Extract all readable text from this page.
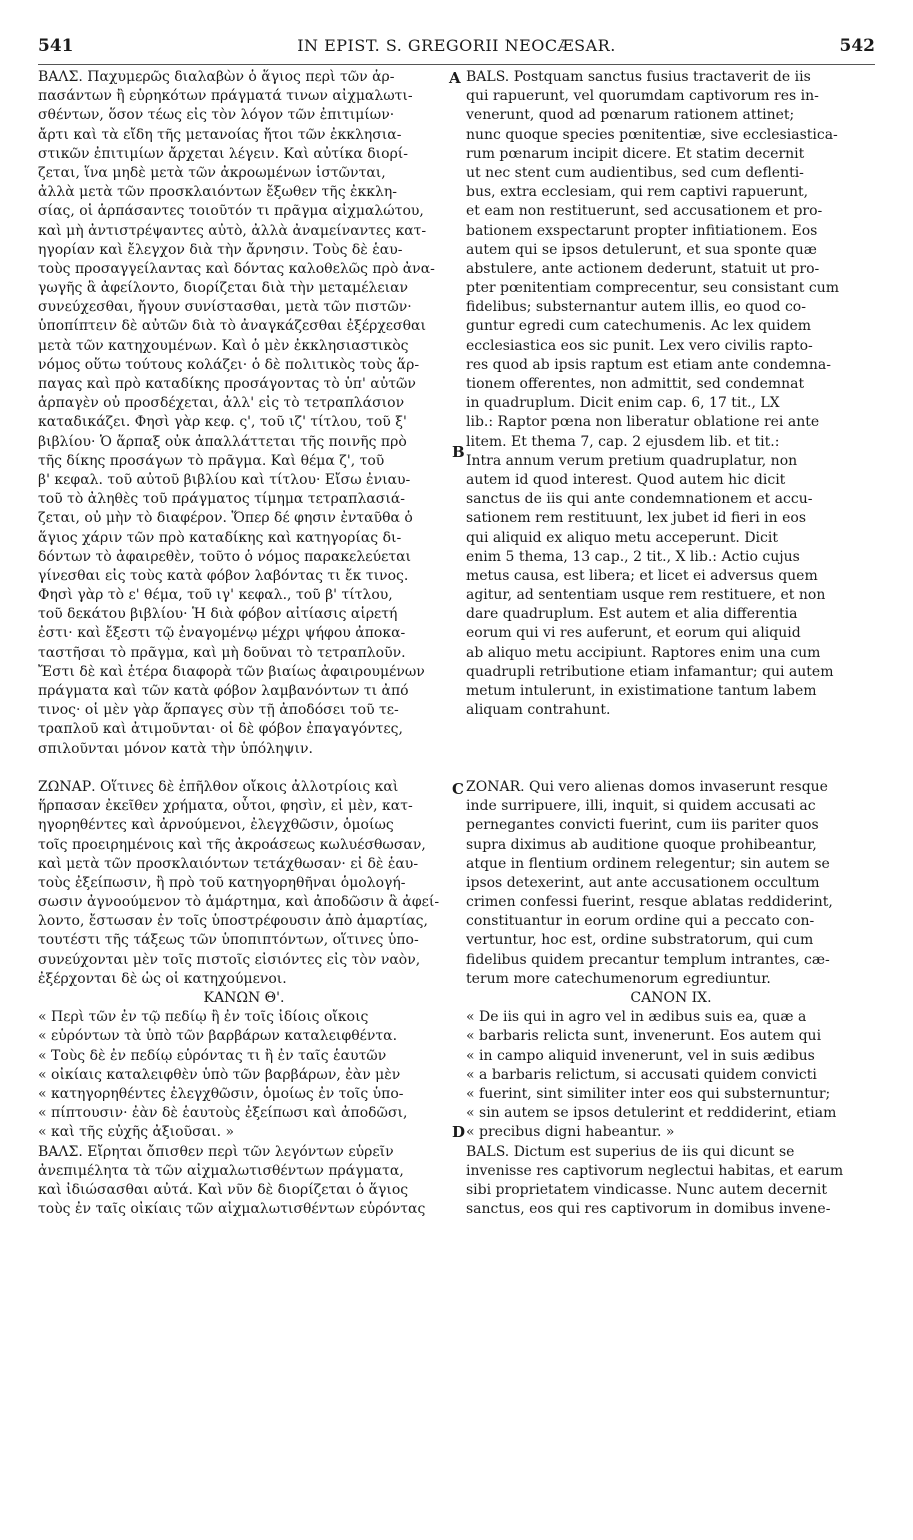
541	IN EPIST. S. GREGORII NEOCÆSAR.	542
ΒΑΛΣ. Παχυμερῶς διαλαβὼν ὁ ἅγιος περὶ τῶν ἁρ-
πασάντων ἢ εὑρηκότων πράγματά τινων αἰχμαλωτι-
σθέντων, ὅσον τέως εἰς τὸν λόγον τῶν ἐπιτιμίων·
ἄρτι καὶ τὰ εἴδη τῆς μετανοίας ἤτοι τῶν ἐκκλησια-
στικῶν ἐπιτιμίων ἄρχεται λέγειν. Καὶ αὐτίκα διορί-
ζεται, ἵνα μηδὲ μετὰ τῶν ἀκροωμένων ἱστῶνται,
ἀλλὰ μετὰ τῶν προσκλαιόντων ἔξωθεν τῆς ἐκκλη-
σίας, οἱ ἁρπάσαντες τοιοῦτόν τι πρᾶγμα αἰχμαλώτου,
καὶ μὴ ἀντιστρέψαντες αὐτὸ, ἀλλὰ ἀναμείναντες κατ-
ηγορίαν καὶ ἔλεγχον διὰ τὴν ἄρνησιν. Τοὺς δὲ ἑαυ-
τοὺς προσαγγείλαντας καὶ δόντας καλοθελῶς πρὸ ἀνα-
γωγῆς ἃ ἀφείλοντο, διορίζεται διὰ τὴν μεταμέλειαν
συνεύχεσθαι, ἤγουν συνίστασθαι, μετὰ τῶν πιστῶν·
ὑποπίπτειν δὲ αὐτῶν διὰ τὸ ἀναγκάζεσθαι ἐξέρχεσθαι
μετὰ τῶν κατηχουμένων. Καὶ ὁ μὲν ἐκκλησιαστικὸς
νόμος οὕτω τούτους κολάζει· ὁ δὲ πολιτικὸς τοὺς ἅρ-
παγας καὶ πρὸ καταδίκης προσάγοντας τὸ ὑπ' αὐτῶν
ἁρπαγὲν οὐ προσδέχεται, ἀλλ' εἰς τὸ τετραπλάσιον
καταδικάζει. Φησὶ γὰρ κεφ. ς', τοῦ ιζ' τίτλου, τοῦ ξ'
βιβλίου· Ὁ ἅρπαξ οὐκ ἀπαλλάττεται τῆς ποινῆς πρὸ
τῆς δίκης προσάγων τὸ πρᾶγμα. Καὶ θέμα ζ', τοῦ
β' κεφαλ. τοῦ αὐτοῦ βιβλίου καὶ τίτλου· Εἴσω ἐνιαυ-
τοῦ τὸ ἀληθὲς τοῦ πράγματος τίμημα τετραπλασιά-
ζεται, οὐ μὴν τὸ διαφέρον. Ὅπερ δέ φησιν ἐνταῦθα ὁ
ἅγιος χάριν τῶν πρὸ καταδίκης καὶ κατηγορίας δι-
δόντων τὸ ἀφαιρεθὲν, τοῦτο ὁ νόμος παρακελεύεται
γίνεσθαι εἰς τοὺς κατὰ φόβον λαβόντας τι ἔκ τινος.
Φησὶ γὰρ τὸ ε' θέμα, τοῦ ιγ' κεφαλ., τοῦ β' τίτλου,
τοῦ δεκάτου βιβλίου· Ἡ διὰ φόβον αἰτίασις αἱρετή
ἐστι· καὶ ἔξεστι τῷ ἐναγομένῳ μέχρι ψήφου ἀποκα-
ταστῆσαι τὸ πρᾶγμα, καὶ μὴ δοῦναι τὸ τετραπλοῦν.
Ἔστι δὲ καὶ ἑτέρα διαφορὰ τῶν βιαίως ἀφαιρουμένων
πράγματα καὶ τῶν κατὰ φόβον λαμβανόντων τι ἀπό
τινος· οἱ μὲν γὰρ ἅρπαγες σὺν τῇ ἀποδόσει τοῦ τε-
τραπλοῦ καὶ ἀτιμοῦνται· οἱ δὲ φόβον ἐπαγαγόντες,
σπιλοῦνται μόνον κατὰ τὴν ὑπόληψιν.
ΖΩΝΑΡ. Οἵτινες δὲ ἐπῆλθον οἴκοις ἀλλοτρίοις καὶ
ἥρπασαν ἐκεῖθεν χρήματα, οὗτοι, φησὶν, εἰ μὲν, κατ-
ηγορηθέντες καὶ ἀρνούμενοι, ἐλεγχθῶσιν, ὁμοίως
τοῖς προειρημένοις καὶ τῆς ἀκροάσεως κωλυέσθωσαν,
καὶ μετὰ τῶν προσκλαιόντων τετάχθωσαν· εἰ δὲ ἑαυ-
τοὺς ἐξείπωσιν, ἢ πρὸ τοῦ κατηγορηθῆναι ὁμολογή-
σωσιν ἀγνοούμενον τὸ ἁμάρτημα, καὶ ἀποδῶσιν ἃ ἀφεί-
λοντο, ἔστωσαν ἐν τοῖς ὑποστρέφουσιν ἀπὸ ἁμαρτίας,
τουτέστι τῆς τάξεως τῶν ὑποπιπτόντων, οἵτινες ὑπο-
συνεύχονται μὲν τοῖς πιστοῖς εἰσιόντες εἰς τὸν ναὸν,
ἐξέρχονται δὲ ὡς οἱ κατηχούμενοι.
ΚΑΝΩΝ Θ'.
« Περὶ τῶν ἐν τῷ πεδίῳ ἢ ἐν τοῖς ἰδίοις οἴκοις
« εὑρόντων τὰ ὑπὸ τῶν βαρβάρων καταλειφθέντα.
« Τοὺς δὲ ἐν πεδίῳ εὑρόντας τι ἢ ἐν ταῖς ἑαυτῶν
« οἰκίαις καταλειφθὲν ὑπὸ τῶν βαρβάρων, ἐὰν μὲν
« κατηγορηθέντες ἐλεγχθῶσιν, ὁμοίως ἐν τοῖς ὑπο-
« πίπτουσιν· ἐὰν δὲ ἑαυτοὺς ἐξείπωσι καὶ ἀποδῶσι,
« καὶ τῆς εὐχῆς ἀξιοῦσαι. »
ΒΑΛΣ. Εἴρηται ὄπισθεν περὶ τῶν λεγόντων εὑρεῖν
ἀνεπιμέλητα τὰ τῶν αἰχμαλωτισθέντων πράγματα,
καὶ ἰδιώσασθαι αὐτά. Καὶ νῦν δὲ διορίζεται ὁ ἅγιος
τοὺς ἐν ταῖς οἰκίαις τῶν αἰχμαλωτισθέντων εὑρόντας
BALS. Postquam sanctus fusius tractaverit de iis
qui rapuerunt, vel quorumdam captivorum res in-
venerunt, quod ad pœnarum rationem attinet;
nunc quoque species pœnitentiæ, sive ecclesiastica-
rum pœnarum incipit dicere. Et statim decernit
ut nec stent cum audientibus, sed cum deflenti-
bus, extra ecclesiam, qui rem captivi rapuerunt,
et eam non restituerunt, sed accusationem et pro-
bationem exspectarunt propter infitiationem. Eos
autem qui se ipsos detulerunt, et sua sponte quæ
abstulere, ante actionem dederunt, statuit ut pro-
pter pœnitentiam comprecentur, seu consistant cum
fidelibus; substernantur autem illis, eo quod co-
guntur egredi cum catechumenis. Ac lex quidem
ecclesiastica eos sic punit. Lex vero civilis rapto-
res quod ab ipsis raptum est etiam ante condemna-
tionem offerentes, non admittit, sed condemnat
in quadruplum. Dicit enim cap. 6, 17 tit., LX
lib.: Raptor pœna non liberatur oblatione rei ante
litem. Et thema 7, cap. 2 ejusdem lib. et tit.:
Intra annum verum pretium quadruplatur, non
autem id quod interest. Quod autem hic dicit
sanctus de iis qui ante condemnationem et accu-
sationem rem restituunt, lex jubet id fieri in eos
qui aliquid ex aliquo metu acceperunt. Dicit
enim 5 thema, 13 cap., 2 tit., X lib.: Actio cujus
metus causa, est libera; et licet ei adversus quem
agitur, ad sententiam usque rem restituere, et non
dare quadruplum. Est autem et alia differentia
eorum qui vi res auferunt, et eorum qui aliquid
ab aliquo metu accipiunt. Raptores enim una cum
quadrupli retributione etiam infamantur; qui autem
metum intulerunt, in existimatione tantum labem
aliquam contrahunt.
ZONAR. Qui vero alienas domos invaserunt resque
inde surripuere, illi, inquit, si quidem accusati ac
pernegantes convicti fuerint, cum iis pariter quos
supra diximus ab auditione quoque prohibeantur,
atque in flentium ordinem relegentur; sin autem se
ipsos detexerint, aut ante accusationem occultum
crimen confessi fuerint, resque ablatas reddiderint,
constituantur in eorum ordine qui a peccato con-
vertuntur, hoc est, ordine substratorum, qui cum
fidelibus quidem precantur templum intrantes, cæ-
terum more catechumenorum egrediuntur.
CANON IX.
« De iis qui in agro vel in ædibus suis ea, quæ a
« barbaris relicta sunt, invenerunt. Eos autem qui
« in campo aliquid invenerunt, vel in suis ædibus
« a barbaris relictum, si accusati quidem convicti
« fuerint, sint similiter inter eos qui substernuntur;
« sin autem se ipsos detulerint et reddiderint, etiam
« precibus digni habeantur. »
BALS. Dictum est superius de iis qui dicunt se
invenisse res captivorum neglectui habitas, et earum
sibi proprietatem vindicasse. Nunc autem decernit
sanctus, eos qui res captivorum in domibus invene-
A
B
C
D
